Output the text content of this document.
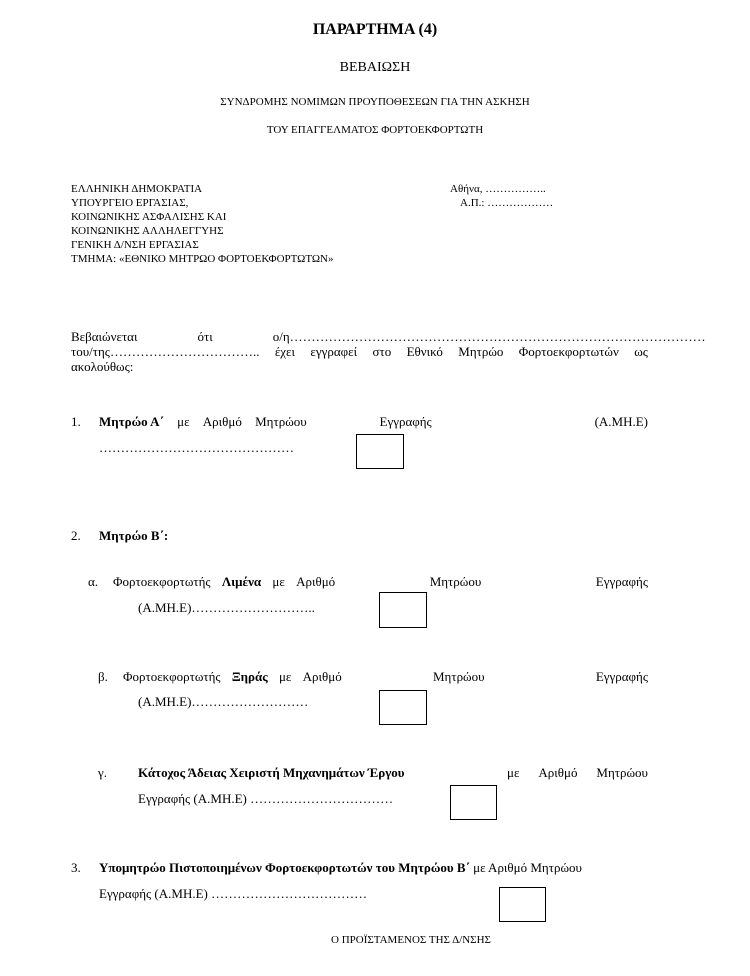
ΠΑΡΑΡΤΗΜΑ (4)
ΒΕΒΑΙΩΣΗ
ΣΥΝΔΡΟΜΗΣ ΝΟΜΙΜΩΝ ΠΡΟΥΠΟΘΕΣΕΩΝ ΓΙΑ ΤΗΝ ΑΣΚΗΣΗ
ΤΟΥ ΕΠΑΓΓΕΛΜΑΤΟΣ ΦΟΡΤΟΕΚΦΟΡΤΩΤΗ
ΕΛΛΗΝΙΚΗ ΔΗΜΟΚΡΑΤΙΑ
ΥΠΟΥΡΓΕΙΟ ΕΡΓΑΣΙΑΣ,
ΚΟΙΝΩΝΙΚΗΣ ΑΣΦΑΛΙΣΗΣ ΚΑΙ
ΚΟΙΝΩΝΙΚΗΣ ΑΛΛΗΛΕΓΓΥΗΣ
ΓΕΝΙΚΗ Δ/ΝΣΗ ΕΡΓΑΣΙΑΣ
ΤΜΗΜΑ: «ΕΘΝΙΚΟ ΜΗΤΡΩΟ ΦΟΡΤΟΕΚΦΟΡΤΩΤΩΝ»
Αθήνα, ……………..
Α.Π.: ………………
Βεβαιώνεται	ότι	ο/η……………………………………………………………………………………
του/της…………………………….. έχει εγγραφεί στο Εθνικό Μητρώο Φορτοεκφορτωτών ως
ακολούθως:
1. Μητρώο Α΄ με Αριθμό Μητρώου	Εγγραφής	(Α.ΜΗ.Ε)
………………………………………
2. Μητρώο Β΄:
α. Φορτοεκφορτωτής Λιμένα με Αριθμό	Μητρώου	Εγγραφής
(Α.ΜΗ.Ε)………………………..
β. Φορτοεκφορτωτής Ξηράς με Αριθμό	Μητρώου	Εγγραφής
(Α.ΜΗ.Ε)………………………
γ. Κάτοχος Άδειας Χειριστή Μηχανημάτων Έργου	με Αριθμό Μητρώου
Εγγραφής (Α.ΜΗ.Ε) ……………………………
3. Υπομητρώο Πιστοποιημένων Φορτοεκφορτωτών του Μητρώου Β΄ με Αριθμό Μητρώου
Εγγραφής (Α.ΜΗ.Ε) ………………………………
Ο ΠΡΟΪΣΤΑΜΕΝΟΣ ΤΗΣ Δ/ΝΣΗΣ
